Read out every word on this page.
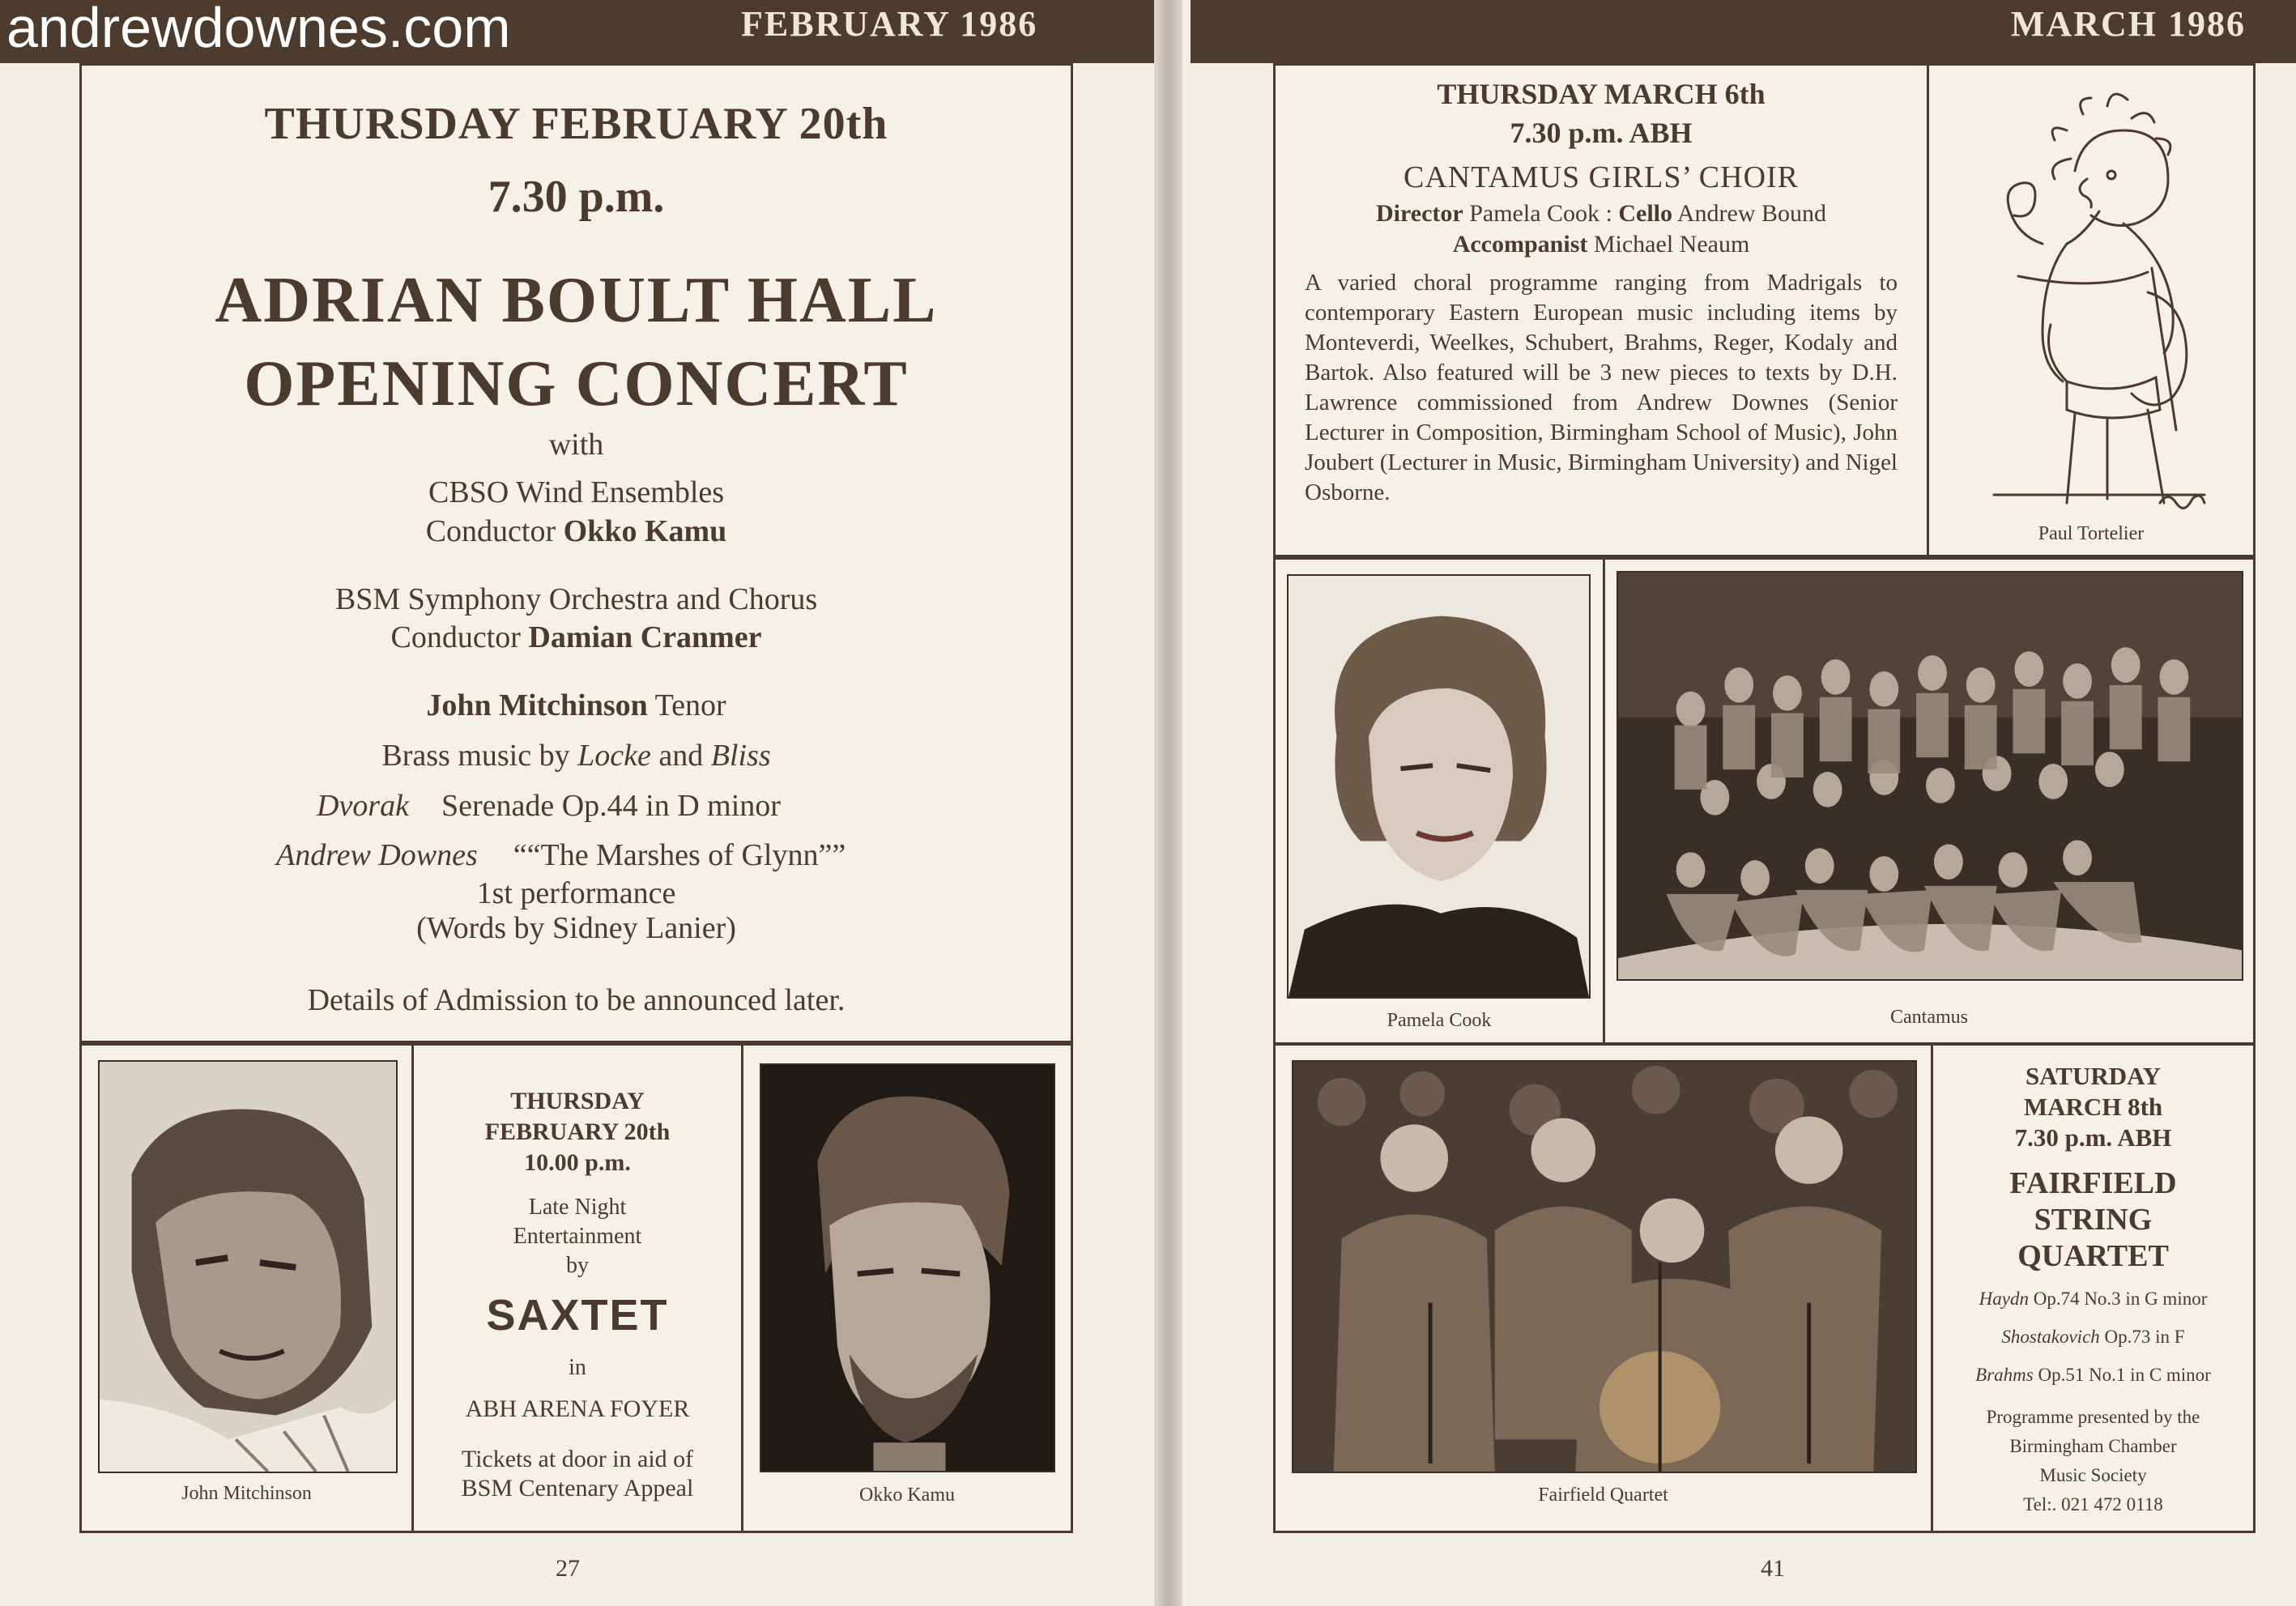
andrewdownes.com	FEBRUARY 1986	MARCH 1986
THURSDAY FEBRUARY 20th
7.30 p.m.
ADRIAN BOULT HALL
OPENING CONCERT
with
CBSO Wind Ensembles
Conductor Okko Kamu
BSM Symphony Orchestra and Chorus
Conductor Damian Cranmer
John Mitchinson Tenor
Brass music by Locke and Bliss
Dvorak Serenade Op.44 in D minor
Andrew Downes ““The Marshes of Glynn””
1st performance
(Words by Sidney Lanier)
Details of Admission to be announced later.
John Mitchinson
THURSDAY
FEBRUARY 20th
10.00 p.m.
Late Night
Entertainment
by
SAXTET
in
ABH ARENA FOYER
Tickets at door in aid of
BSM Centenary Appeal	Okko Kamu
27
THURSDAY MARCH 6th
7.30 p.m. ABH
CANTAMUS GIRLS’ CHOIR
Director Pamela Cook : Cello Andrew Bound
Accompanist Michael Neaum
A varied choral programme ranging from Madrigals to contemporary Eastern European music including items by Monteverdi, Weelkes, Schubert, Brahms, Reger, Kodaly and Bartok. Also featured will be 3 new pieces to texts by D.H. Lawrence commissioned from Andrew Downes (Senior Lecturer in Composition, Birmingham School of Music), John Joubert (Lecturer in Music, Birmingham University) and Nigel Osborne.
Paul Tortelier
Pamela Cook	Cantamus
Fairfield Quartet
SATURDAY
MARCH 8th
7.30 p.m. ABH
FAIRFIELD
STRING
QUARTET
Haydn Op.74 No.3 in G minor
Shostakovich Op.73 in F
Brahms Op.51 No.1 in C minor
Programme presented by the
Birmingham Chamber
Music Society
Tel:. 021 472 0118
41
